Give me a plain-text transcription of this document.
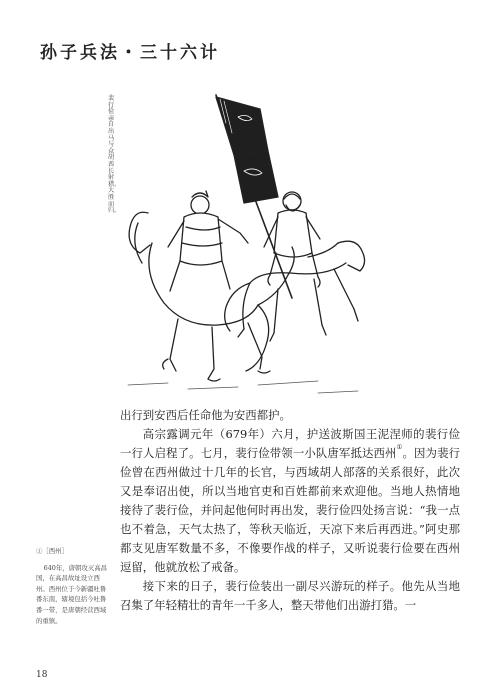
孙子兵法・三十六计
裴行俭亲自出马与众胡酋长射猎。大胜而归。

出行到安西后任命他为安西都护。

高宗露调元年（679年）六月，护送波斯国王泥涅师的裴行俭一行人启程了。七月，裴行俭带领一小队唐军抵达西州①。因为裴行俭曾在西州做过十几年的长官，与西域胡人部落的关系很好，此次又是奉诏出使，所以当地官吏和百姓都前来欢迎他。当地人热情地接待了裴行俭，并问起他何时再出发，裴行俭四处扬言说：“我一点也不着急，天气太热了，等秋天临近，天凉下来后再西进。”阿史那都支见唐军数量不多，不像要作战的样子，又听说裴行俭要在西州逗留，他就放松了戒备。

接下来的日子，裴行俭装出一副尽兴游玩的样子。他先从当地召集了年轻精壮的青年一千多人，整天带他们出游打猎。一

①［西州］
640年，唐朝攻灭高昌国，在高昌故址设立西州。西州位于今新疆吐鲁番东南，辖境包括今吐鲁番一带，是唐朝经营西域的重镇。
18
